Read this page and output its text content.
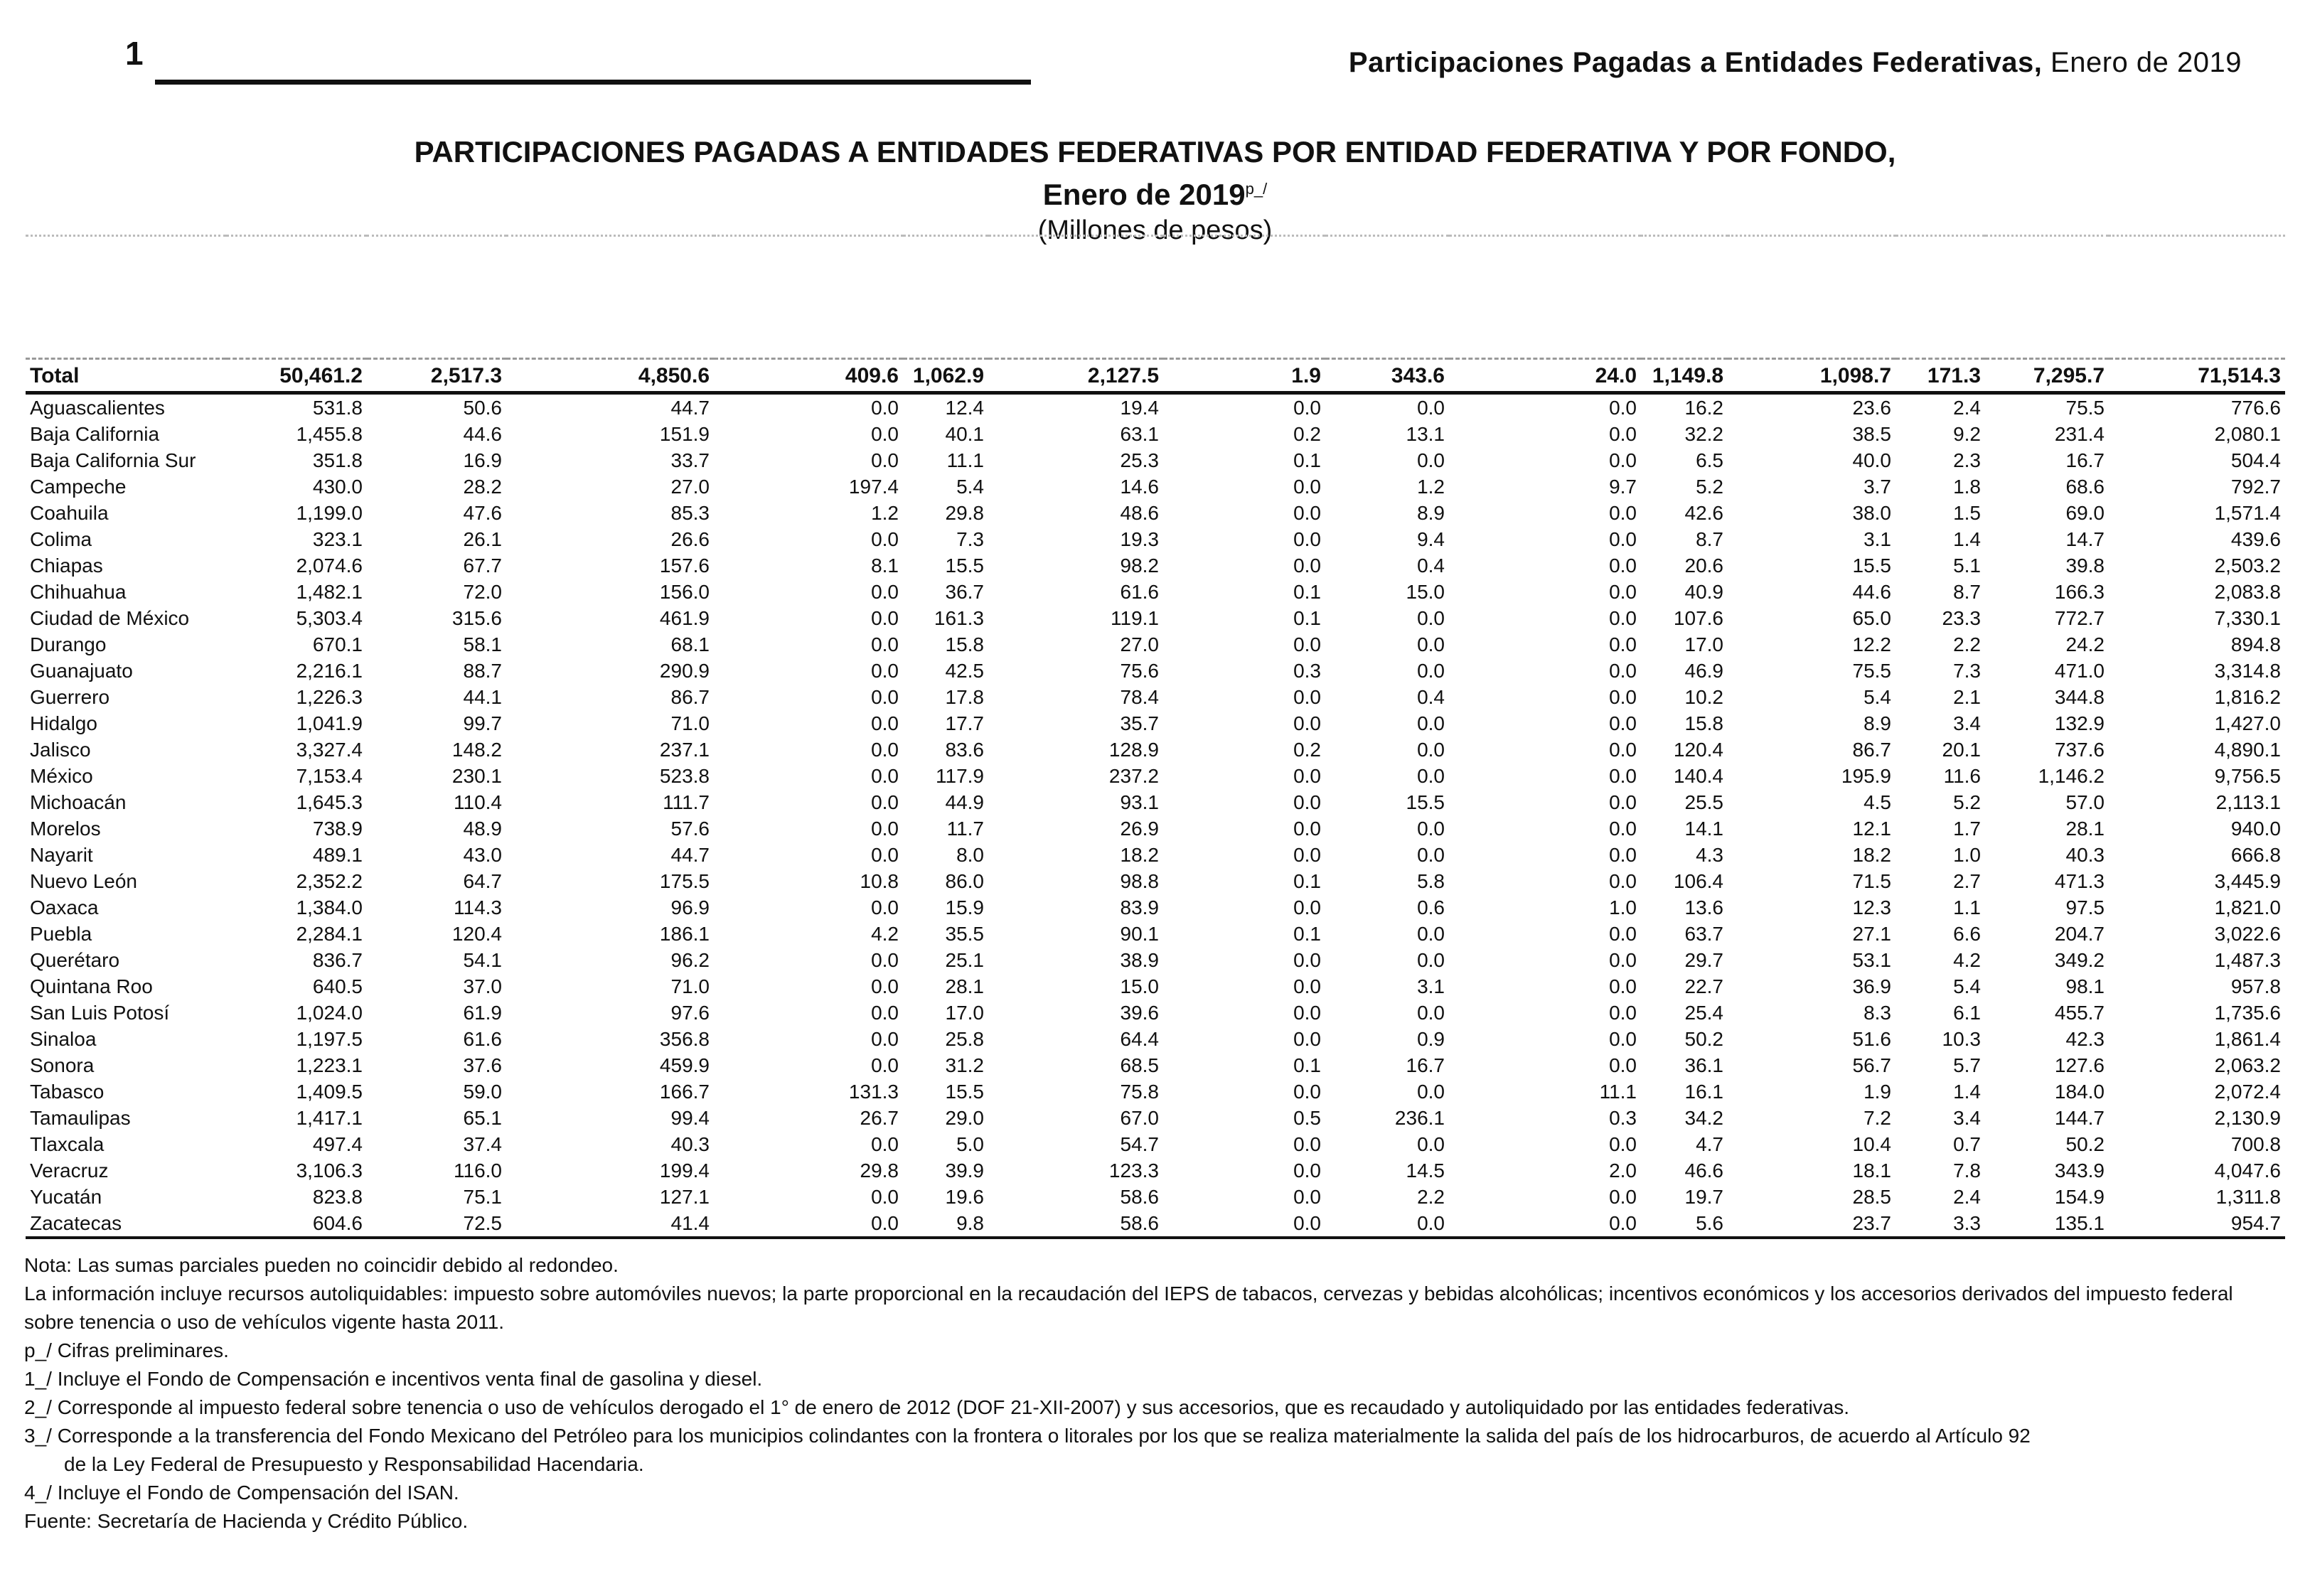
1	Participaciones Pagadas a Entidades Federativas, Enero de 2019
PARTICIPACIONES PAGADAS A ENTIDADES FEDERATIVAS POR ENTIDAD FEDERATIVA Y POR FONDO,
Enero de $2019^{p\_/}$
(Millones de pesos)

Total	50,461.2	2,517.3	4,850.6	409.6	1,062.9	2,127.5	1.9	343.6	24.0	1,149.8	1,098.7	171.3	7,295.7	71,514.3
Aguascalientes	531.8	50.6	44.7	0.0	12.4	19.4	0.0	0.0	0.0	16.2	23.6	2.4	75.5	776.6
Baja California	1,455.8	44.6	151.9	0.0	40.1	63.1	0.2	13.1	0.0	32.2	38.5	9.2	231.4	2,080.1
Baja California Sur	351.8	16.9	33.7	0.0	11.1	25.3	0.1	0.0	0.0	6.5	40.0	2.3	16.7	504.4
Campeche	430.0	28.2	27.0	197.4	5.4	14.6	0.0	1.2	9.7	5.2	3.7	1.8	68.6	792.7
Coahuila	1,199.0	47.6	85.3	1.2	29.8	48.6	0.0	8.9	0.0	42.6	38.0	1.5	69.0	1,571.4
Colima	323.1	26.1	26.6	0.0	7.3	19.3	0.0	9.4	0.0	8.7	3.1	1.4	14.7	439.6
Chiapas	2,074.6	67.7	157.6	8.1	15.5	98.2	0.0	0.4	0.0	20.6	15.5	5.1	39.8	2,503.2
Chihuahua	1,482.1	72.0	156.0	0.0	36.7	61.6	0.1	15.0	0.0	40.9	44.6	8.7	166.3	2,083.8
Ciudad de México	5,303.4	315.6	461.9	0.0	161.3	119.1	0.1	0.0	0.0	107.6	65.0	23.3	772.7	7,330.1
Durango	670.1	58.1	68.1	0.0	15.8	27.0	0.0	0.0	0.0	17.0	12.2	2.2	24.2	894.8
Guanajuato	2,216.1	88.7	290.9	0.0	42.5	75.6	0.3	0.0	0.0	46.9	75.5	7.3	471.0	3,314.8
Guerrero	1,226.3	44.1	86.7	0.0	17.8	78.4	0.0	0.4	0.0	10.2	5.4	2.1	344.8	1,816.2
Hidalgo	1,041.9	99.7	71.0	0.0	17.7	35.7	0.0	0.0	0.0	15.8	8.9	3.4	132.9	1,427.0
Jalisco	3,327.4	148.2	237.1	0.0	83.6	128.9	0.2	0.0	0.0	120.4	86.7	20.1	737.6	4,890.1
México	7,153.4	230.1	523.8	0.0	117.9	237.2	0.0	0.0	0.0	140.4	195.9	11.6	1,146.2	9,756.5
Michoacán	1,645.3	110.4	111.7	0.0	44.9	93.1	0.0	15.5	0.0	25.5	4.5	5.2	57.0	2,113.1
Morelos	738.9	48.9	57.6	0.0	11.7	26.9	0.0	0.0	0.0	14.1	12.1	1.7	28.1	940.0
Nayarit	489.1	43.0	44.7	0.0	8.0	18.2	0.0	0.0	0.0	4.3	18.2	1.0	40.3	666.8
Nuevo León	2,352.2	64.7	175.5	10.8	86.0	98.8	0.1	5.8	0.0	106.4	71.5	2.7	471.3	3,445.9
Oaxaca	1,384.0	114.3	96.9	0.0	15.9	83.9	0.0	0.6	1.0	13.6	12.3	1.1	97.5	1,821.0
Puebla	2,284.1	120.4	186.1	4.2	35.5	90.1	0.1	0.0	0.0	63.7	27.1	6.6	204.7	3,022.6
Querétaro	836.7	54.1	96.2	0.0	25.1	38.9	0.0	0.0	0.0	29.7	53.1	4.2	349.2	1,487.3
Quintana Roo	640.5	37.0	71.0	0.0	28.1	15.0	0.0	3.1	0.0	22.7	36.9	5.4	98.1	957.8
San Luis Potosí	1,024.0	61.9	97.6	0.0	17.0	39.6	0.0	0.0	0.0	25.4	8.3	6.1	455.7	1,735.6
Sinaloa	1,197.5	61.6	356.8	0.0	25.8	64.4	0.0	0.9	0.0	50.2	51.6	10.3	42.3	1,861.4
Sonora	1,223.1	37.6	459.9	0.0	31.2	68.5	0.1	16.7	0.0	36.1	56.7	5.7	127.6	2,063.2
Tabasco	1,409.5	59.0	166.7	131.3	15.5	75.8	0.0	0.0	11.1	16.1	1.9	1.4	184.0	2,072.4
Tamaulipas	1,417.1	65.1	99.4	26.7	29.0	67.0	0.5	236.1	0.3	34.2	7.2	3.4	144.7	2,130.9
Tlaxcala	497.4	37.4	40.3	0.0	5.0	54.7	0.0	0.0	0.0	4.7	10.4	0.7	50.2	700.8
Veracruz	3,106.3	116.0	199.4	29.8	39.9	123.3	0.0	14.5	2.0	46.6	18.1	7.8	343.9	4,047.6
Yucatán	823.8	75.1	127.1	0.0	19.6	58.6	0.0	2.2	0.0	19.7	28.5	2.4	154.9	1,311.8
Zacatecas	604.6	72.5	41.4	0.0	9.8	58.6	0.0	0.0	0.0	5.6	23.7	3.3	135.1	954.7

Nota: Las sumas parciales pueden no coincidir debido al redondeo.

La información incluye recursos autoliquidables: impuesto sobre automóviles nuevos; la parte proporcional en la recaudación del IEPS de tabacos, cervezas y bebidas alcohólicas; incentivos económicos y los accesorios derivados del impuesto federal sobre tenencia o uso de vehículos vigente hasta 2011.

p_/ Cifras preliminares.

1_/ Incluye el Fondo de Compensación e incentivos venta final de gasolina y diesel.

2_/ Corresponde al impuesto federal sobre tenencia o uso de vehículos derogado el 1° de enero de 2012 (DOF 21-XII-2007) y sus accesorios, que es recaudado y autoliquidado por las entidades federativas.

3_/ Corresponde a la transferencia del Fondo Mexicano del Petróleo para los municipios colindantes con la frontera o litorales por los que se realiza materialmente la salida del país de los hidrocarburos, de acuerdo al Artículo 92

de la Ley Federal de Presupuesto y Responsabilidad Hacendaria.

4_/ Incluye el Fondo de Compensación del ISAN.

Fuente: Secretaría de Hacienda y Crédito Público.
